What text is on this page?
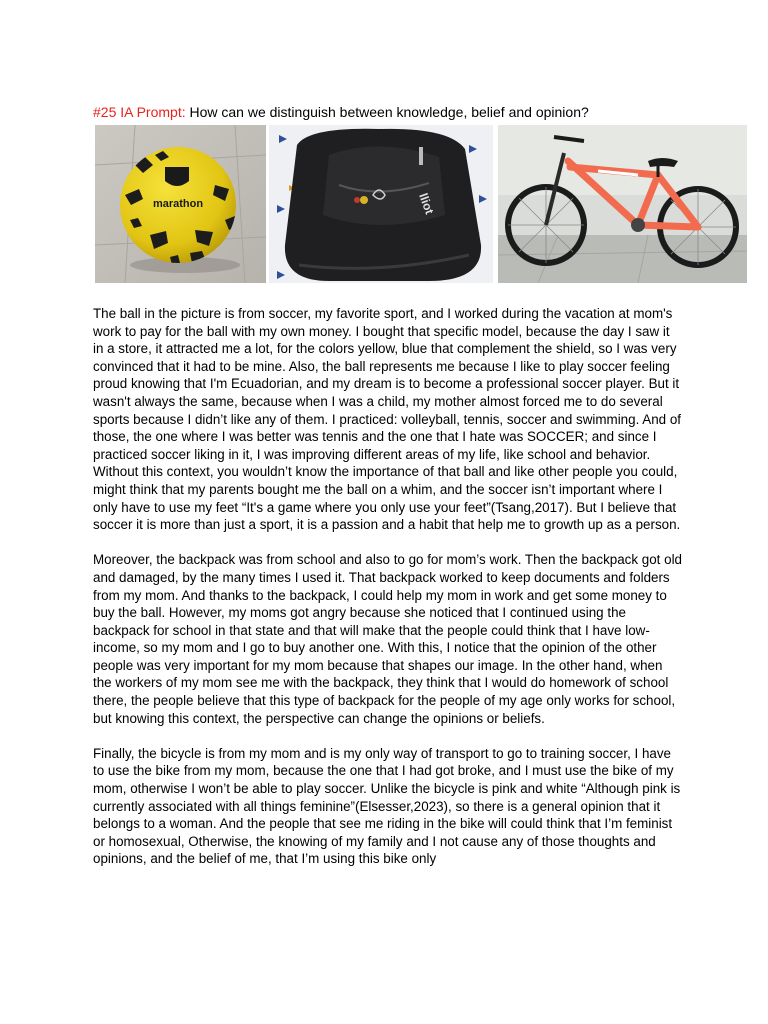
#25 IA Prompt: How can we distinguish between knowledge, belief and opinion?
marathon	lliot

The ball in the picture is from soccer, my favorite sport, and I worked during the vacation at mom's work to pay for the ball with my own money. I bought that specific model, because the day I saw it in a store, it attracted me a lot, for the colors yellow, blue that complement the shield, so I was very convinced that it had to be mine. Also, the ball represents me because I like to play soccer feeling proud knowing that I'm Ecuadorian, and my dream is to become a professional soccer player. But it wasn't always the same, because when I was a child, my mother almost forced me to do several sports because I didn’t like any of them. I practiced: volleyball, tennis, soccer and swimming. And of those, the one where I was better was tennis and the one that I hate was SOCCER; and since I practiced soccer liking in it, I was improving different areas of my life, like school and behavior. Without this context, you wouldn’t know the importance of that ball and like other people you could, might think that my parents bought me the ball on a whim, and the soccer isn’t important where I only have to use my feet “It's a game where you only use your feet”(Tsang,2017). But I believe that soccer it is more than just a sport, it is a passion and a habit that help me to growth up as a person.

Moreover, the backpack was from school and also to go for mom’s work. Then the backpack got old and damaged, by the many times I used it. That backpack worked to keep documents and folders from my mom. And thanks to the backpack, I could help my mom in work and get some money to buy the ball. However, my moms got angry because she noticed that I continued using the backpack for school in that state and that will make that the people could think that I have low-income, so my mom and I go to buy another one. With this, I notice that the opinion of the other people was very important for my mom because that shapes our image. In the other hand, when the workers of my mom see me with the backpack, they think that I would do homework of school there, the people believe that this type of backpack for the people of my age only works for school, but knowing this context, the perspective can change the opinions or beliefs.

Finally, the bicycle is from my mom and is my only way of transport to go to training soccer, I have to use the bike from my mom, because the one that I had got broke, and I must use the bike of my mom, otherwise I won’t be able to play soccer. Unlike the bicycle is pink and white “Although pink is currently associated with all things feminine”(Elsesser,2023), so there is a general opinion that it belongs to a woman. And the people that see me riding in the bike will could think that I’m feminist or homosexual, Otherwise, the knowing of my family and I not cause any of those thoughts and opinions, and the belief of me, that I’m using this bike only
